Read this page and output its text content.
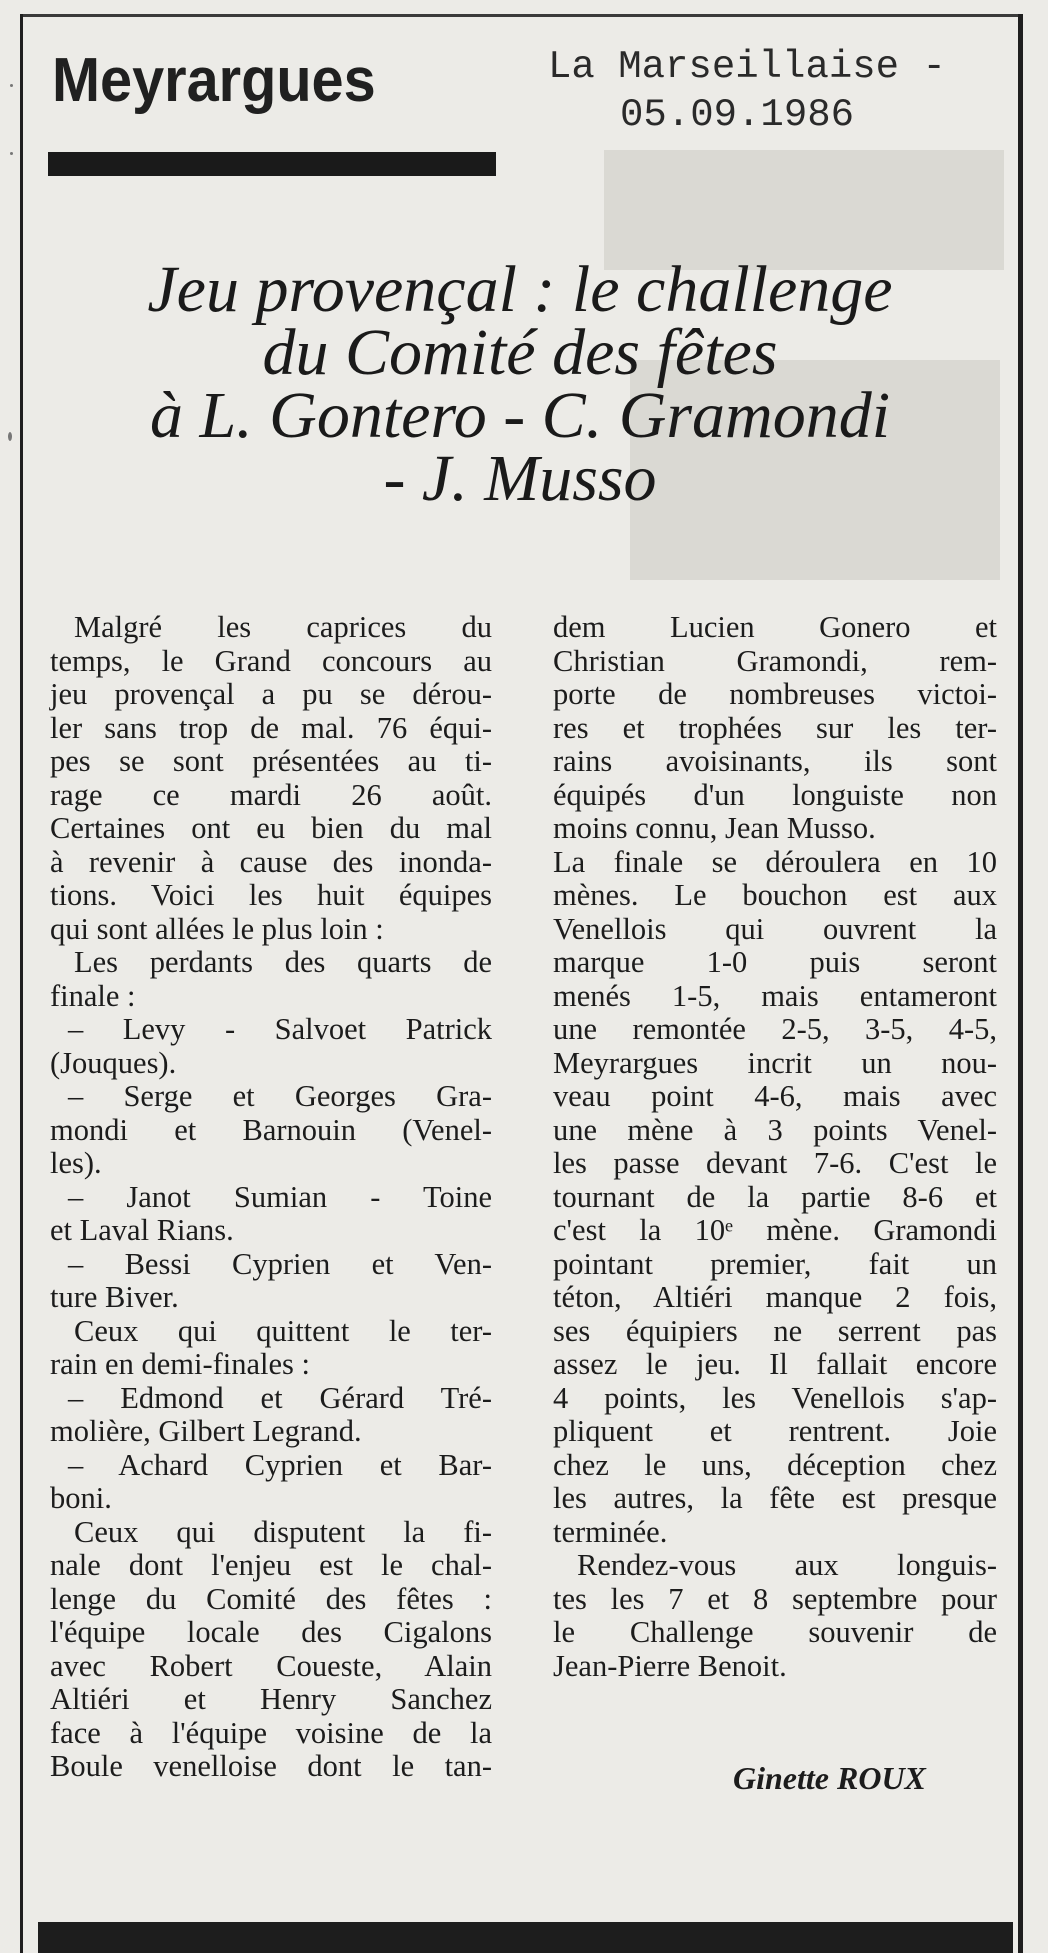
Meyrargues	La Marseillaise -
05.09.1986
Jeu provençal : le challenge
du Comité des fêtes
à L. Gontero - C. Gramondi
- J. Musso
Malgré les caprices du
temps, le Grand concours au
jeu provençal a pu se dérou-
ler sans trop de mal. 76 équi-
pes se sont présentées au ti-
rage ce mardi 26 août.
Certaines ont eu bien du mal
à revenir à cause des inonda-
tions. Voici les huit équipes
qui sont allées le plus loin :
Les perdants des quarts de
finale :
– Levy - Salvoet Patrick
(Jouques).
– Serge et Georges Gra-
mondi et Barnouin (Venel-
les).
– Janot Sumian - Toine
et Laval Rians.
– Bessi Cyprien et Ven-
ture Biver.
Ceux qui quittent le ter-
rain en demi-finales :
– Edmond et Gérard Tré-
molière, Gilbert Legrand.
– Achard Cyprien et Bar-
boni.
Ceux qui disputent la fi-
nale dont l'enjeu est le chal-
lenge du Comité des fêtes :
l'équipe locale des Cigalons
avec Robert Coueste, Alain
Altiéri et Henry Sanchez
face à l'équipe voisine de la
Boule venelloise dont le tan-
dem Lucien Gonero et
Christian Gramondi, rem-
porte de nombreuses victoi-
res et trophées sur les ter-
rains avoisinants, ils sont
équipés d'un longuiste non
moins connu, Jean Musso.
La finale se déroulera en 10
mènes. Le bouchon est aux
Venellois qui ouvrent la
marque 1-0 puis seront
menés 1-5, mais entameront
une remontée 2-5, 3-5, 4-5,
Meyrargues incrit un nou-
veau point 4-6, mais avec
une mène à 3 points Venel-
les passe devant 7-6. C'est le
tournant de la partie 8-6 et
c'est la 10ᵉ mène. Gramondi
pointant premier, fait un
téton, Altiéri manque 2 fois,
ses équipiers ne serrent pas
assez le jeu. Il fallait encore
4 points, les Venellois s'ap-
pliquent et rentrent. Joie
chez le uns, déception chez
les autres, la fête est presque
terminée.
Rendez-vous aux longuis-
tes les 7 et 8 septembre pour
le Challenge souvenir de
Jean-Pierre Benoit.
Ginette ROUX
